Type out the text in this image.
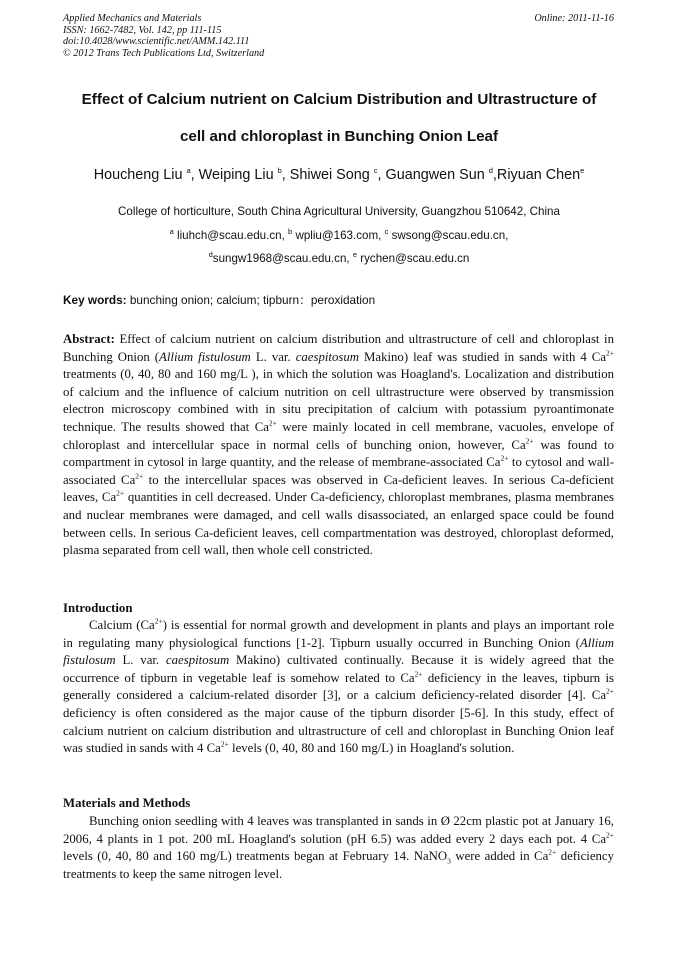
Applied Mechanics and Materials
ISSN: 1662-7482, Vol. 142, pp 111-115
doi:10.4028/www.scientific.net/AMM.142.111
© 2012 Trans Tech Publications Ltd, Switzerland
Online: 2011-11-16
Effect of Calcium nutrient on Calcium Distribution and Ultrastructure of
cell and chloroplast in Bunching Onion Leaf
Houcheng Liu $^a$, Weiping Liu $^b$, Shiwei Song $^c$, Guangwen Sun $^d$,Riyuan Chen$^e$
College of horticulture, South China Agricultural University, Guangzhou 510642, China
$^a$ liuhch@scau.edu.cn, $^b$ wpliu@163.com, $^c$ swsong@scau.edu.cn,
$^d$sungw1968@scau.edu.cn, $^e$ rychen@scau.edu.cn
Key words: bunching onion; calcium; tipburn：peroxidation
Abstract: Effect of calcium nutrient on calcium distribution and ultrastructure of cell and chloroplast in Bunching Onion (Allium fistulosum L. var. caespitosum Makino) leaf was studied in sands with 4 $Ca^{2+}$ treatments (0, 40, 80 and 160 mg/L ), in which the solution was Hoagland's. Localization and distribution of calcium and the influence of calcium nutrition on cell ultrastructure were observed by transmission electron microscopy combined with in situ precipitation of calcium with potassium pyroantimonate technique. The results showed that $Ca^{2+}$ were mainly located in cell membrane, vacuoles, envelope of chloroplast and intercellular space in normal cells of bunching onion, however, $Ca^{2+}$ was found to compartment in cytosol in large quantity, and the release of membrane-associated $Ca^{2+}$ to cytosol and wall-associated $Ca^{2+}$ to the intercellular spaces was observed in Ca-deficient leaves. In serious Ca-deficient leaves, $Ca^{2+}$ quantities in cell decreased. Under Ca-deficiency, chloroplast membranes, plasma membranes and nuclear membranes were damaged, and cell walls disassociated, an enlarged space could be found between cells. In serious Ca-deficient leaves, cell compartmentation was destroyed, chloroplast deformed, plasma separated from cell wall, then whole cell constricted.
Introduction
Calcium $(Ca^{2+})$ is essential for normal growth and development in plants and plays an important role in regulating many physiological functions [1-2]. Tipburn usually occurred in Bunching Onion (Allium fistulosum L. var. caespitosum Makino) cultivated continually. Because it is widely agreed that the occurrence of tipburn in vegetable leaf is somehow related to $Ca^{2+}$ deficiency in the leaves, tipburn is generally considered a calcium-related disorder [3], or a calcium deficiency-related disorder [4]. $Ca^{2+}$ deficiency is often considered as the major cause of the tipburn disorder [5-6]. In this study, effect of calcium nutrient on calcium distribution and ultrastructure of cell and chloroplast in Bunching Onion leaf was studied in sands with 4 $Ca^{2+}$ levels (0, 40, 80 and 160 mg/L) in Hoagland's solution.
Materials and Methods
Bunching onion seedling with 4 leaves was transplanted in sands in Ø 22cm plastic pot at January 16, 2006, 4 plants in 1 pot. 200 mL Hoagland's solution (pH 6.5) was added every 2 days each pot. 4 $Ca^{2+}$ levels (0, 40, 80 and 160 mg/L) treatments began at February 14. NaNO$_3$ were added in $Ca^{2+}$ deficiency treatments to keep the same nitrogen level.
